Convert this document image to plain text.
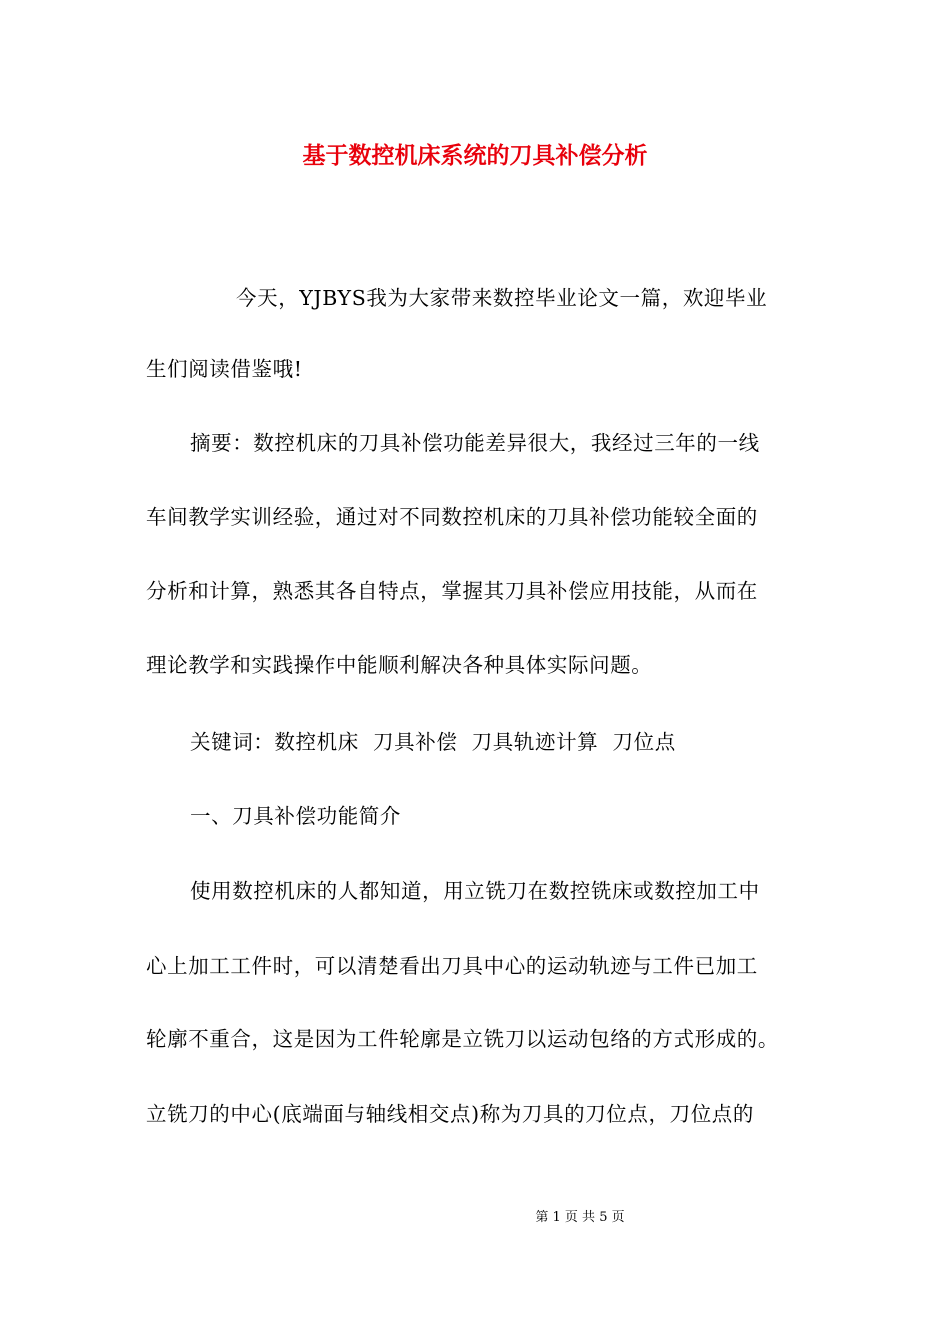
基于数控机床系统的刀具补偿分析
今天，YJBYS我为大家带来数控毕业论文一篇，欢迎毕业
生们阅读借鉴哦!
摘要：数控机床的刀具补偿功能差异很大，我经过三年的一线
车间教学实训经验，通过对不同数控机床的刀具补偿功能较全面的
分析和计算，熟悉其各自特点，掌握其刀具补偿应用技能，从而在
理论教学和实践操作中能顺利解决各种具体实际问题。
关键词：数控机床  刀具补偿  刀具轨迹计算  刀位点
一、刀具补偿功能简介
使用数控机床的人都知道，用立铣刀在数控铣床或数控加工中
心上加工工件时，可以清楚看出刀具中心的运动轨迹与工件已加工
轮廓不重合，这是因为工件轮廓是立铣刀以运动包络的方式形成的。
立铣刀的中心(底端面与轴线相交点)称为刀具的刀位点，刀位点的
第 1 页 共 5 页
